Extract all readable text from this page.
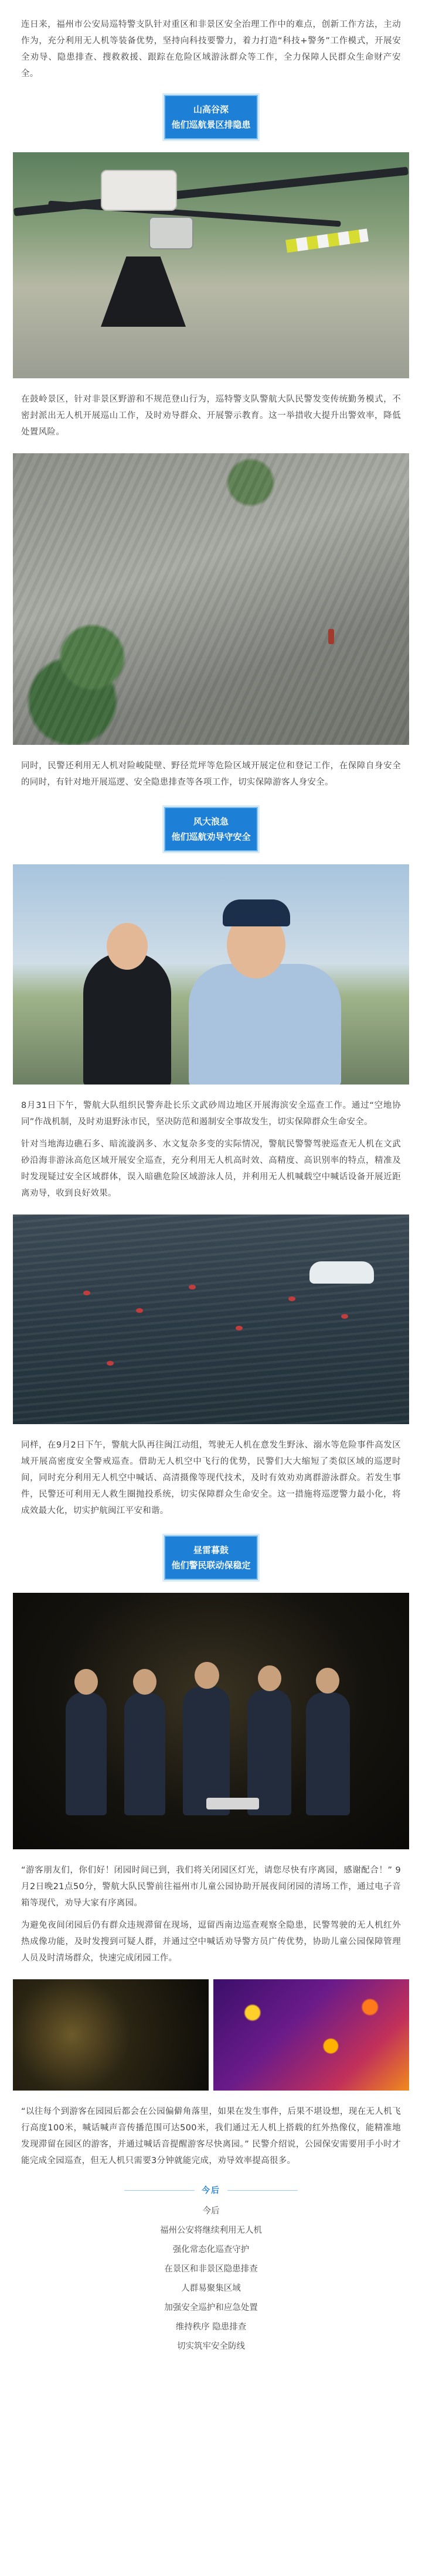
连日来，福州市公安局巡特警支队针对重区和非景区安全治理工作中的难点，创新工作方法，主动作为，充分利用无人机等装备优势，坚持向科技要警力，着力打造“科技+警务”工作模式，开展安全劝导、隐患排查、搜救救援、跟踪在危险区域游泳群众等工作，全力保障人民群众生命财产安全。

山高谷深
他们巡航景区排隐患

在鼓岭景区，针对非景区野游和不规范登山行为，巡特警支队警航大队民警发变传统勤务模式，不密封派出无人机开展巡山工作，及时劝导群众、开展警示教育。这一举措收大提升出警效率，降低处置风险。

同时，民警还利用无人机对险峻陡壁、野径荒坪等危险区域开展定位和登记工作，在保障自身安全的同时，有针对地开展巡逻、安全隐患排查等各项工作，切实保障游客人身安全。

风大浪急
他们巡航劝导守安全

8月31日下午，警航大队组织民警奔赴长乐文武砂周边地区开展海滨安全巡查工作。通过“空地协同”作战机制，及时劝退野泳市民，坚决防范和遏制安全事故发生，切实保障群众生命安全。

针对当地海边礁石多、暗流漩涡多、水文复杂多变的实际情况，警航民警警驾驶巡查无人机在文武砂沿海非游泳高危区域开展安全巡查，充分利用无人机高时效、高精度、高识别率的特点，精准及时发现疑过安全区域群体，误入暗礁危险区域游泳人员，并利用无人机喊载空中喊话设备开展近距离劝导，收到良好效果。

同样，在9月2日下午，警航大队再往闽江动组，驾驶无人机在意发生野泳、溺水等危险事件高发区域开展高密度安全警戒巡查。借助无人机空中飞行的优势，民警们大大缩短了类似区域的巡逻时间，同时充分利用无人机空中喊话、高清摄像等现代技术，及时有效劝劝离群游泳群众。若发生事件，民警还可利用无人救生圈抛投系统，切实保障群众生命安全。这一措施将巡逻警力最小化，将成效最大化，切实护航闽江平安和谐。

昼雷暮鼓
他们警民联动保稳定

“游客朋友们，你们好！闭园时间已到，我们将关闭园区灯光，请您尽快有序离园，感谢配合！” 9月2日晚21点50分，警航大队民警前往福州市儿童公园协助开展夜间闭园的清场工作，通过电子音箱等现代，劝导大家有序离园。

为避免夜间闭园后仍有群众违规滞留在现场，逗留西南边巡查观察全隐患，民警驾驶的无人机红外热成像功能，及时发搜到可疑人群，并通过空中喊话劝导警方员广传优势，协助儿童公园保障管理人员及时清场群众，快速完成闭园工作。

“以往每个到游客在园园后都会在公园偏僻角落里，如果在发生事件，后果不堪设想，现在无人机飞行高度100米，喊话喊声音传播范围可达500米，我们通过无人机上搭载的红外热像仪，能精准地发现滞留在园区的游客，并通过喊话音提醒游客尽快离园。” 民警介绍说，公园保安需要用手小时才能完成全园巡查，但无人机只需要3分钟就能完成，劝导效率提高很多。

今后

今后

福州公安将继续利用无人机

强化常态化巡查守护

在景区和非景区隐患排查

人群易聚集区域

加强安全巡护和应急处置

维持秩序 隐患排查

切实筑牢安全防线
